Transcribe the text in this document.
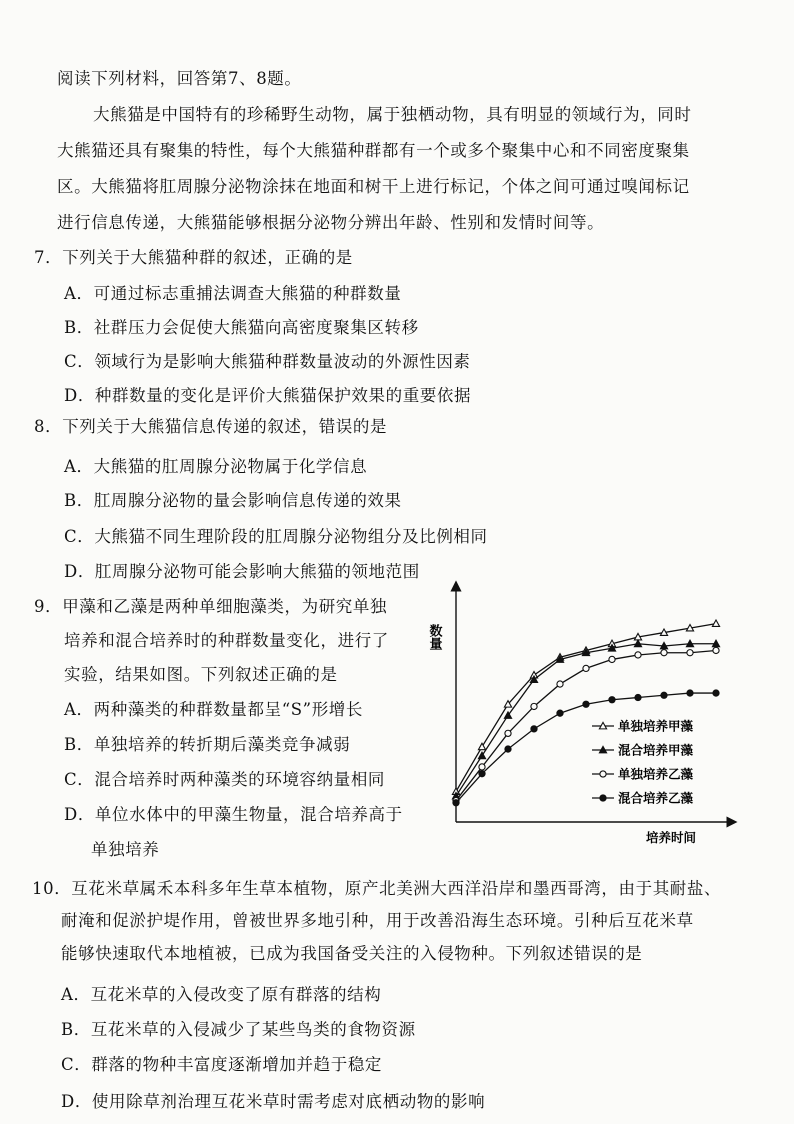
阅读下列材料，回答第7、8题。
大熊猫是中国特有的珍稀野生动物，属于独栖动物，具有明显的领域行为，同时
大熊猫还具有聚集的特性，每个大熊猫种群都有一个或多个聚集中心和不同密度聚集
区。大熊猫将肛周腺分泌物涂抹在地面和树干上进行标记，个体之间可通过嗅闻标记
进行信息传递，大熊猫能够根据分泌物分辨出年龄、性别和发情时间等。
7．下列关于大熊猫种群的叙述，正确的是
A．可通过标志重捕法调查大熊猫的种群数量
B．社群压力会促使大熊猫向高密度聚集区转移
C．领域行为是影响大熊猫种群数量波动的外源性因素
D．种群数量的变化是评价大熊猫保护效果的重要依据
8．下列关于大熊猫信息传递的叙述，错误的是
A．大熊猫的肛周腺分泌物属于化学信息
B．肛周腺分泌物的量会影响信息传递的效果
C．大熊猫不同生理阶段的肛周腺分泌物组分及比例相同
D．肛周腺分泌物可能会影响大熊猫的领地范围
9．甲藻和乙藻是两种单细胞藻类，为研究单独
培养和混合培养时的种群数量变化，进行了
实验，结果如图。下列叙述正确的是
A．两种藻类的种群数量都呈“S”形增长
B．单独培养的转折期后藻类竞争减弱
C．混合培养时两种藻类的环境容纳量相同
D．单位水体中的甲藻生物量，混合培养高于
单独培养
数量
培养时间
单独培养甲藻
混合培养甲藻
单独培养乙藻
混合培养乙藻
10．互花米草属禾本科多年生草本植物，原产北美洲大西洋沿岸和墨西哥湾，由于其耐盐、
耐淹和促淤护堤作用，曾被世界多地引种，用于改善沿海生态环境。引种后互花米草
能够快速取代本地植被，已成为我国备受关注的入侵物种。下列叙述错误的是
A．互花米草的入侵改变了原有群落的结构
B．互花米草的入侵减少了某些鸟类的食物资源
C．群落的物种丰富度逐渐增加并趋于稳定
D．使用除草剂治理互花米草时需考虑对底栖动物的影响
